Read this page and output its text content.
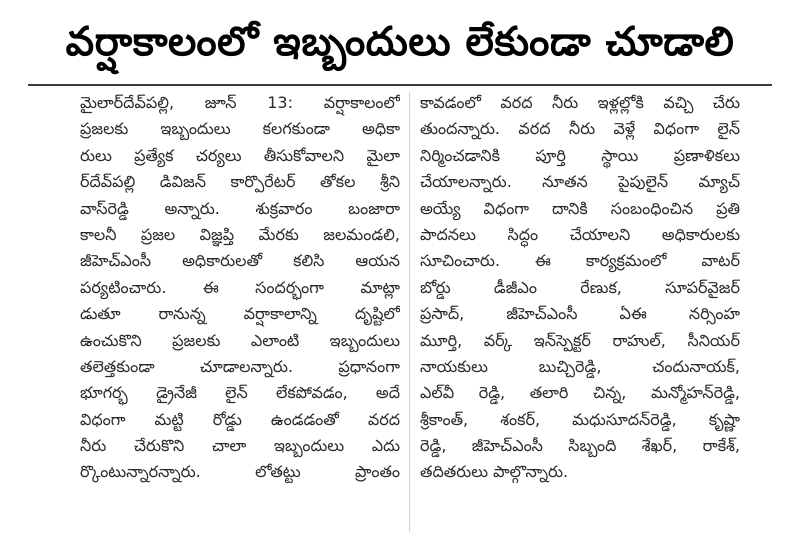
వర్షాకాలంలో ఇబ్బందులు లేకుండా చూడాలి
మైలార్‌దేవ్‌పల్లి, జూన్‌ 13: వర్షాకాలంలో
ప్రజలకు ఇబ్బందులు కలగకుండా అధికా
రులు ప్రత్యేక చర్యలు తీసుకోవాలని మైలా
ర్‌దేవ్‌పల్లి డివిజన్‌ కార్పొరేటర్‌ తోకల శ్రీని
వాస్‌రెడ్డి అన్నారు. శుక్రవారం బంజారా
కాలనీ ప్రజల విజ్ఞప్తి మేరకు జలమండలి,
జీహెచ్‌ఎంసీ అధికారులతో కలిసి ఆయన
పర్యటించారు. ఈ సందర్భంగా మాట్లా
డుతూ రానున్న వర్షాకాలాన్ని దృష్టిలో
ఉంచుకొని ప్రజలకు ఎలాంటి ఇబ్బందులు
తలెత్తకుండా చూడాలన్నారు. ప్రధానంగా
భూగర్భ డ్రైనేజీ లైన్‌ లేకపోవడం, అదే
విధంగా మట్టి రోడ్డు ఉండడంతో వరద
నీరు చేరుకొని చాలా ఇబ్బందులు ఎదు
ర్కొంటున్నారన్నారు. లోతట్టు ప్రాంతం
కావడంలో వరద నీరు ఇళ్లల్లోకి వచ్చి చేరు
తుందన్నారు. వరద నీరు వెళ్లే విధంగా లైన్‌
నిర్మించడానికి పూర్తి స్థాయి ప్రణాళికలు
చేయాలన్నారు. నూతన పైపులైన్‌ మ్యాచ్‌
అయ్యే విధంగా దానికి సంబంధించిన ప్రతి
పాదనలు సిద్ధం చేయాలని అధికారులకు
సూచించారు. ఈ కార్యక్రమంలో వాటర్‌
బోర్డు డీజీఎం రేణుక, సూపర్‌వైజర్‌
ప్రసాద్‌, జీహెచ్‌ఎంసీ ఏఈ నర్సింహ
మూర్తి, వర్క్‌ ఇన్‌స్పెక్టర్‌ రాహుల్‌, సీనియర్‌
నాయకులు బుచ్చిరెడ్డి, చందునాయక్‌,
ఎల్‌వీ రెడ్డి, తలారి చిన్న, మన్మోహన్‌రెడ్డి,
శ్రీకాంత్‌, శంకర్‌, మధుసూదన్‌రెడ్డి, కృష్ణా
రెడ్డి, జీహెచ్‌ఎంసీ సిబ్బంది శేఖర్‌, రాకేశ్‌,
తదితరులు పాల్గొన్నారు.
